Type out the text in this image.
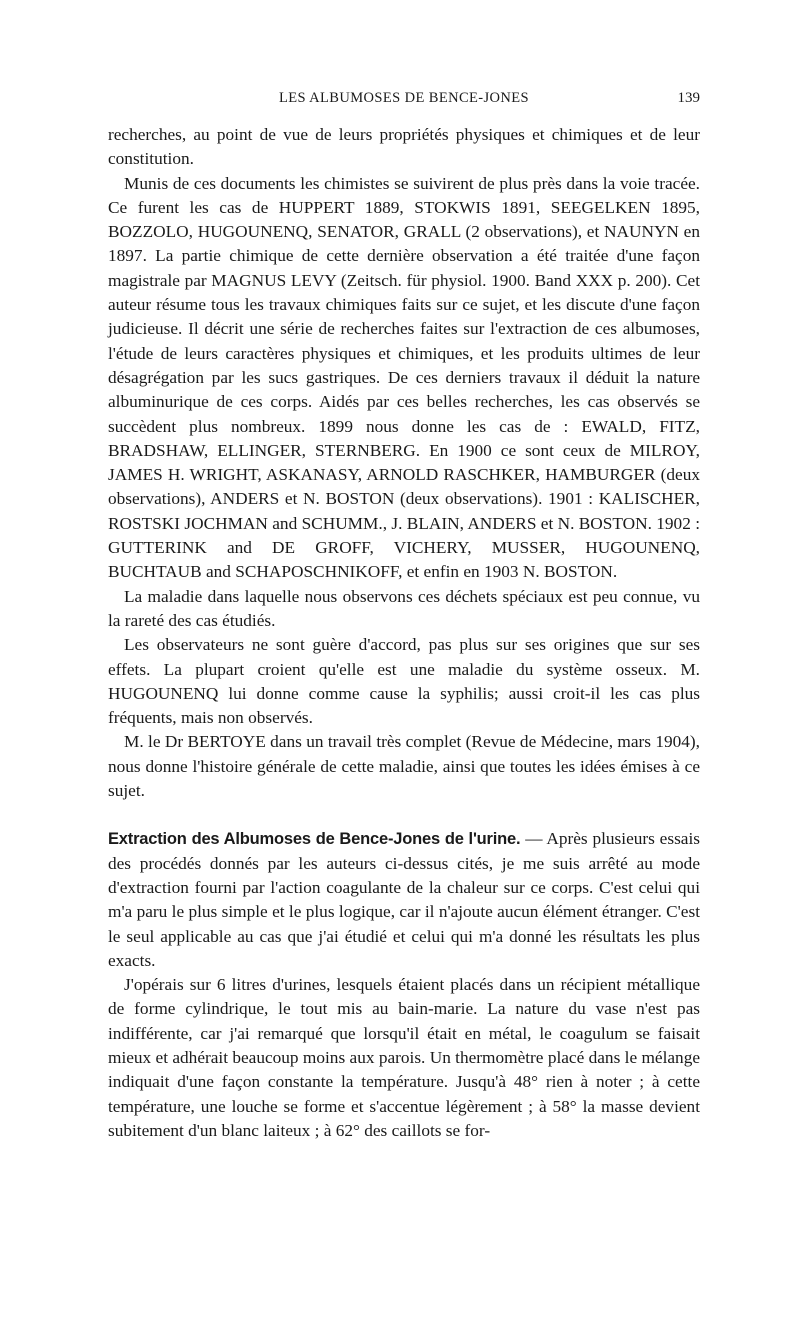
LES ALBUMOSES DE BENCE-JONES	139

recherches, au point de vue de leurs propriétés physiques et chimiques et de leur constitution.

Munis de ces documents les chimistes se suivirent de plus près dans la voie tracée. Ce furent les cas de HUPPERT 1889, STOKWIS 1891, SEEGELKEN 1895, BOZZOLO, HUGOUNENQ, SENATOR, GRALL (2 observations), et NAUNYN en 1897. La partie chimique de cette dernière observation a été traitée d'une façon magistrale par MAGNUS LEVY (Zeitsch. für physiol. 1900. Band XXX p. 200). Cet auteur résume tous les travaux chimiques faits sur ce sujet, et les discute d'une façon judicieuse. Il décrit une série de recherches faites sur l'extraction de ces albumoses, l'étude de leurs caractères physiques et chimiques, et les produits ultimes de leur désagrégation par les sucs gastriques. De ces derniers travaux il déduit la nature albuminurique de ces corps. Aidés par ces belles recherches, les cas observés se succèdent plus nombreux. 1899 nous donne les cas de : EWALD, FITZ, BRADSHAW, ELLINGER, STERNBERG. En 1900 ce sont ceux de MILROY, JAMES H. WRIGHT, ASKANASY, ARNOLD RASCHKER, HAMBURGER (deux observations), ANDERS et N. BOSTON (deux observations). 1901 : KALISCHER, ROSTSKI JOCHMAN and SCHUMM., J. BLAIN, ANDERS et N. BOSTON. 1902 : GUTTERINK and DE GROFF, VICHERY, MUSSER, HUGOUNENQ, BUCHTAUB and SCHAPOSCHNIKOFF, et enfin en 1903 N. BOSTON.

La maladie dans laquelle nous observons ces déchets spéciaux est peu connue, vu la rareté des cas étudiés.

Les observateurs ne sont guère d'accord, pas plus sur ses origines que sur ses effets. La plupart croient qu'elle est une maladie du système osseux. M. HUGOUNENQ lui donne comme cause la syphilis; aussi croit-il les cas plus fréquents, mais non observés.

M. le Dr BERTOYE dans un travail très complet (Revue de Médecine, mars 1904), nous donne l'histoire générale de cette maladie, ainsi que toutes les idées émises à ce sujet.

Extraction des Albumoses de Bence-Jones de l'urine. — Après plusieurs essais des procédés donnés par les auteurs ci-dessus cités, je me suis arrêté au mode d'extraction fourni par l'action coagulante de la chaleur sur ce corps. C'est celui qui m'a paru le plus simple et le plus logique, car il n'ajoute aucun élément étranger. C'est le seul applicable au cas que j'ai étudié et celui qui m'a donné les résultats les plus exacts.

J'opérais sur 6 litres d'urines, lesquels étaient placés dans un récipient métallique de forme cylindrique, le tout mis au bain-marie. La nature du vase n'est pas indifférente, car j'ai remarqué que lorsqu'il était en métal, le coagulum se faisait mieux et adhérait beaucoup moins aux parois. Un thermomètre placé dans le mélange indiquait d'une façon constante la température. Jusqu'à 48° rien à noter ; à cette température, une louche se forme et s'accentue légèrement ; à 58° la masse devient subitement d'un blanc laiteux ; à 62° des caillots se for-
